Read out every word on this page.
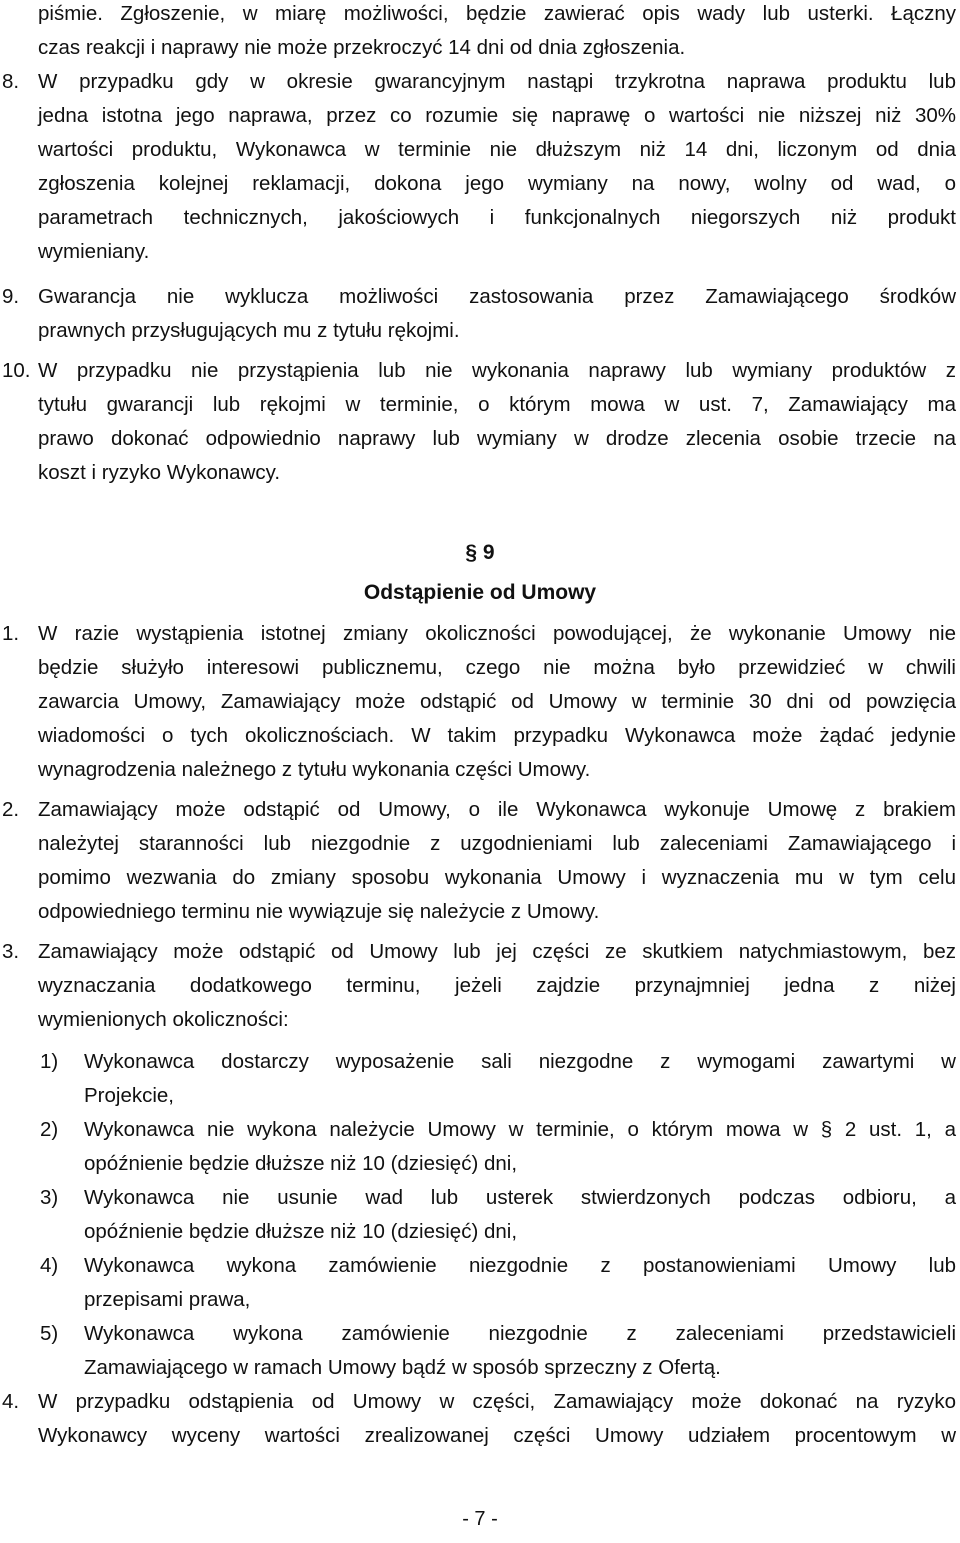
piśmie. Zgłoszenie, w miarę możliwości, będzie zawierać opis wady lub usterki. Łączny
czas reakcji i naprawy nie może przekroczyć 14 dni od dnia zgłoszenia.
8. W przypadku gdy w okresie gwarancyjnym nastąpi trzykrotna naprawa produktu lub
jedna istotna jego naprawa, przez co rozumie się naprawę o wartości nie niższej niż 30%
wartości produktu, Wykonawca w terminie nie dłuższym niż 14 dni, liczonym od dnia
zgłoszenia kolejnej reklamacji, dokona jego wymiany na nowy, wolny od wad, o
parametrach technicznych, jakościowych i funkcjonalnych niegorszych niż produkt
wymieniany.
9. Gwarancja nie wyklucza możliwości zastosowania przez Zamawiającego środków
prawnych przysługujących mu z tytułu rękojmi.
10. W przypadku nie przystąpienia lub nie wykonania naprawy lub wymiany produktów z
tytułu gwarancji lub rękojmi w terminie, o którym mowa w ust. 7, Zamawiający ma
prawo dokonać odpowiednio naprawy lub wymiany w drodze zlecenia osobie trzecie na
koszt i ryzyko Wykonawcy.
§ 9
Odstąpienie od Umowy
1. W razie wystąpienia istotnej zmiany okoliczności powodującej, że wykonanie Umowy nie
będzie służyło interesowi publicznemu, czego nie można było przewidzieć w chwili
zawarcia Umowy, Zamawiający może odstąpić od Umowy w terminie 30 dni od powzięcia
wiadomości o tych okolicznościach. W takim przypadku Wykonawca może żądać jedynie
wynagrodzenia należnego z tytułu wykonania części Umowy.
2. Zamawiający może odstąpić od Umowy, o ile Wykonawca wykonuje Umowę z brakiem
należytej staranności lub niezgodnie z uzgodnieniami lub zaleceniami Zamawiającego i
pomimo wezwania do zmiany sposobu wykonania Umowy i wyznaczenia mu w tym celu
odpowiedniego terminu nie wywiązuje się należycie z Umowy.
3. Zamawiający może odstąpić od Umowy lub jej części ze skutkiem natychmiastowym, bez
wyznaczania dodatkowego terminu, jeżeli zajdzie przynajmniej jedna z niżej
wymienionych okoliczności:
1) Wykonawca dostarczy wyposażenie sali niezgodne z wymogami zawartymi w
Projekcie,
2) Wykonawca nie wykona należycie Umowy w terminie, o którym mowa w § 2 ust. 1, a
opóźnienie będzie dłuższe niż 10 (dziesięć) dni,
3) Wykonawca nie usunie wad lub usterek stwierdzonych podczas odbioru, a
opóźnienie będzie dłuższe niż 10 (dziesięć) dni,
4) Wykonawca wykona zamówienie niezgodnie z postanowieniami Umowy lub
przepisami prawa,
5) Wykonawca wykona zamówienie niezgodnie z zaleceniami przedstawicieli
Zamawiającego w ramach Umowy bądź w sposób sprzeczny z Ofertą.
4. W przypadku odstąpienia od Umowy w części, Zamawiający może dokonać na ryzyko
Wykonawcy wyceny wartości zrealizowanej części Umowy udziałem procentowym w
- 7 -
